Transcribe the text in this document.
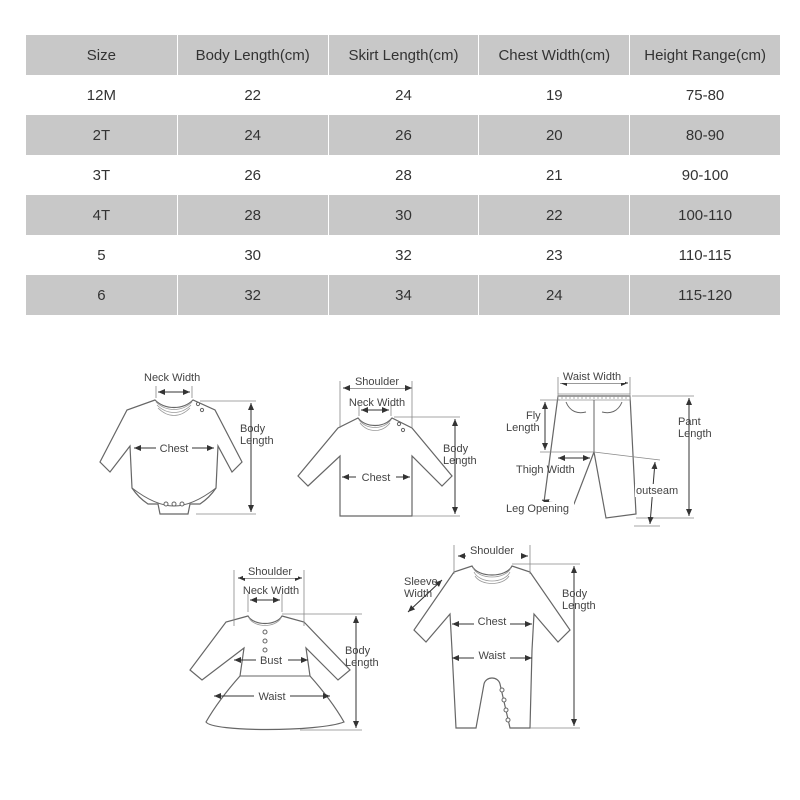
Size	Body Length(cm)	Skirt Length(cm)	Chest Width(cm)	Height Range(cm)
12M	22	24	19	75-80
2T	24	26	20	80-90
3T	26	28	21	90-100
4T	28	30	22	100-110
5	30	32	23	110-115
6	32	34	24	115-120
Neck Width
Chest
Body
Length
Shoulder
Neck Width
Chest
Body
Length
Waist Width
Fly
Length	Pant
Length
Thigh Width
outseam
Leg Opening
Shoulder
Neck Width
Bust
Waist
Body
Length
Shoulder
Sleeve
Width
Chest
Waist
Body
Length
